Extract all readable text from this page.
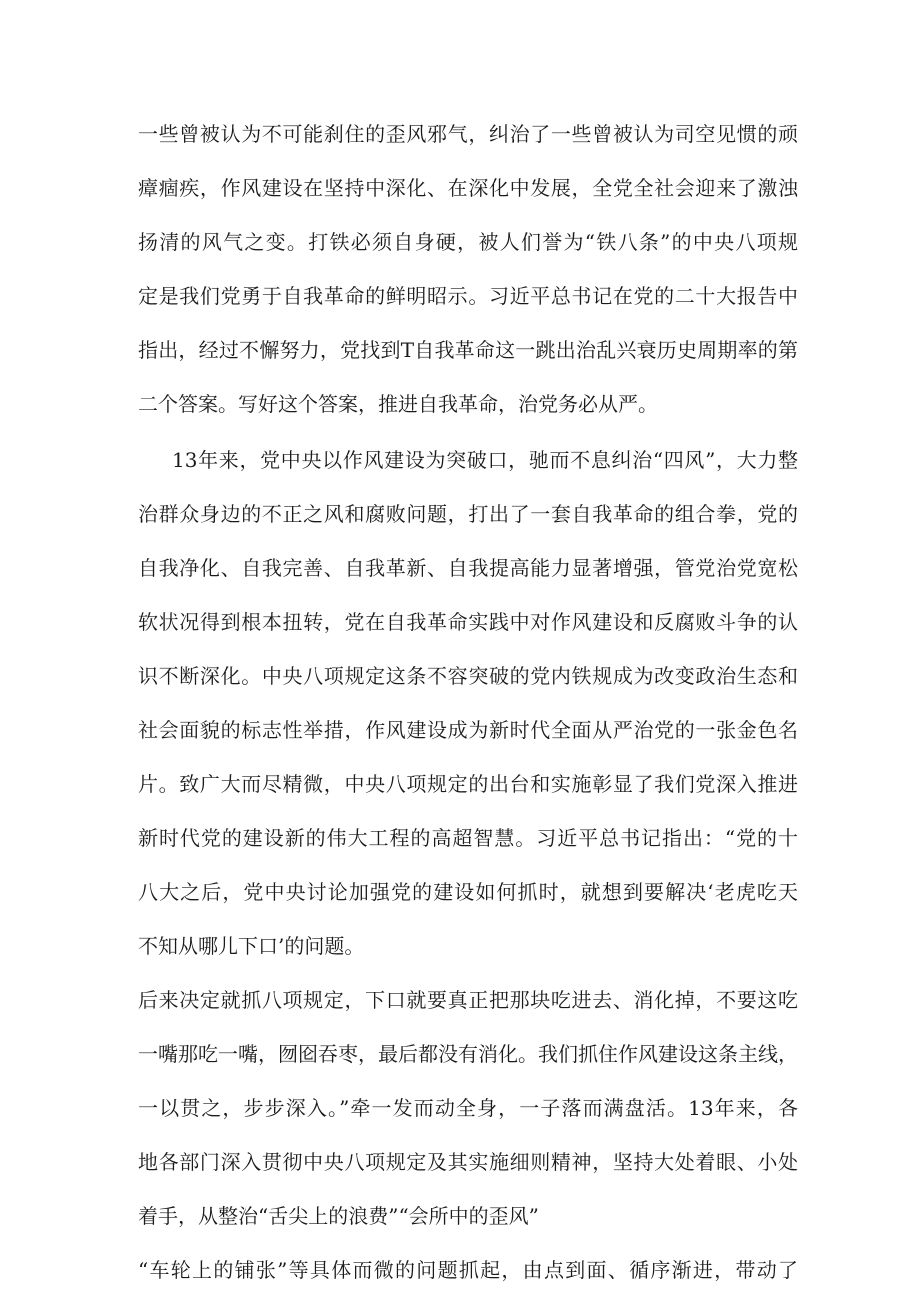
一些曾被认为不可能刹住的歪风邪气，纠治了一些曾被认为司空见惯的顽
瘴痼疾，作风建设在坚持中深化、在深化中发展，全党全社会迎来了激浊
扬清的风气之变。打铁必须自身硬，被人们誉为“铁八条”的中央八项规
定是我们党勇于自我革命的鲜明昭示。习近平总书记在党的二十大报告中
指出，经过不懈努力，党找到T自我革命这一跳出治乱兴衰历史周期率的第
二个答案。写好这个答案，推进自我革命，治党务必从严。
13年来，党中央以作风建设为突破口，驰而不息纠治“四风”，大力整
治群众身边的不正之风和腐败问题，打出了一套自我革命的组合拳，党的
自我净化、自我完善、自我革新、自我提高能力显著增强，管党治党宽松
软状况得到根本扭转，党在自我革命实践中对作风建设和反腐败斗争的认
识不断深化。中央八项规定这条不容突破的党内铁规成为改变政治生态和
社会面貌的标志性举措，作风建设成为新时代全面从严治党的一张金色名
片。致广大而尽精微，中央八项规定的出台和实施彰显了我们党深入推进
新时代党的建设新的伟大工程的高超智慧。习近平总书记指出：“党的十
八大之后，党中央讨论加强党的建设如何抓时，就想到要解决‘老虎吃天
不知从哪儿下口’的问题。
后来决定就抓八项规定，下口就要真正把那块吃进去、消化掉，不要这吃
一嘴那吃一嘴，囫囵吞枣，最后都没有消化。我们抓住作风建设这条主线，
一以贯之，步步深入。”牵一发而动全身，一子落而满盘活。13年来，各
地各部门深入贯彻中央八项规定及其实施细则精神，坚持大处着眼、小处
着手，从整治“舌尖上的浪费”“会所中的歪风”
“车轮上的铺张”等具体而微的问题抓起，由点到面、循序渐进，带动了
